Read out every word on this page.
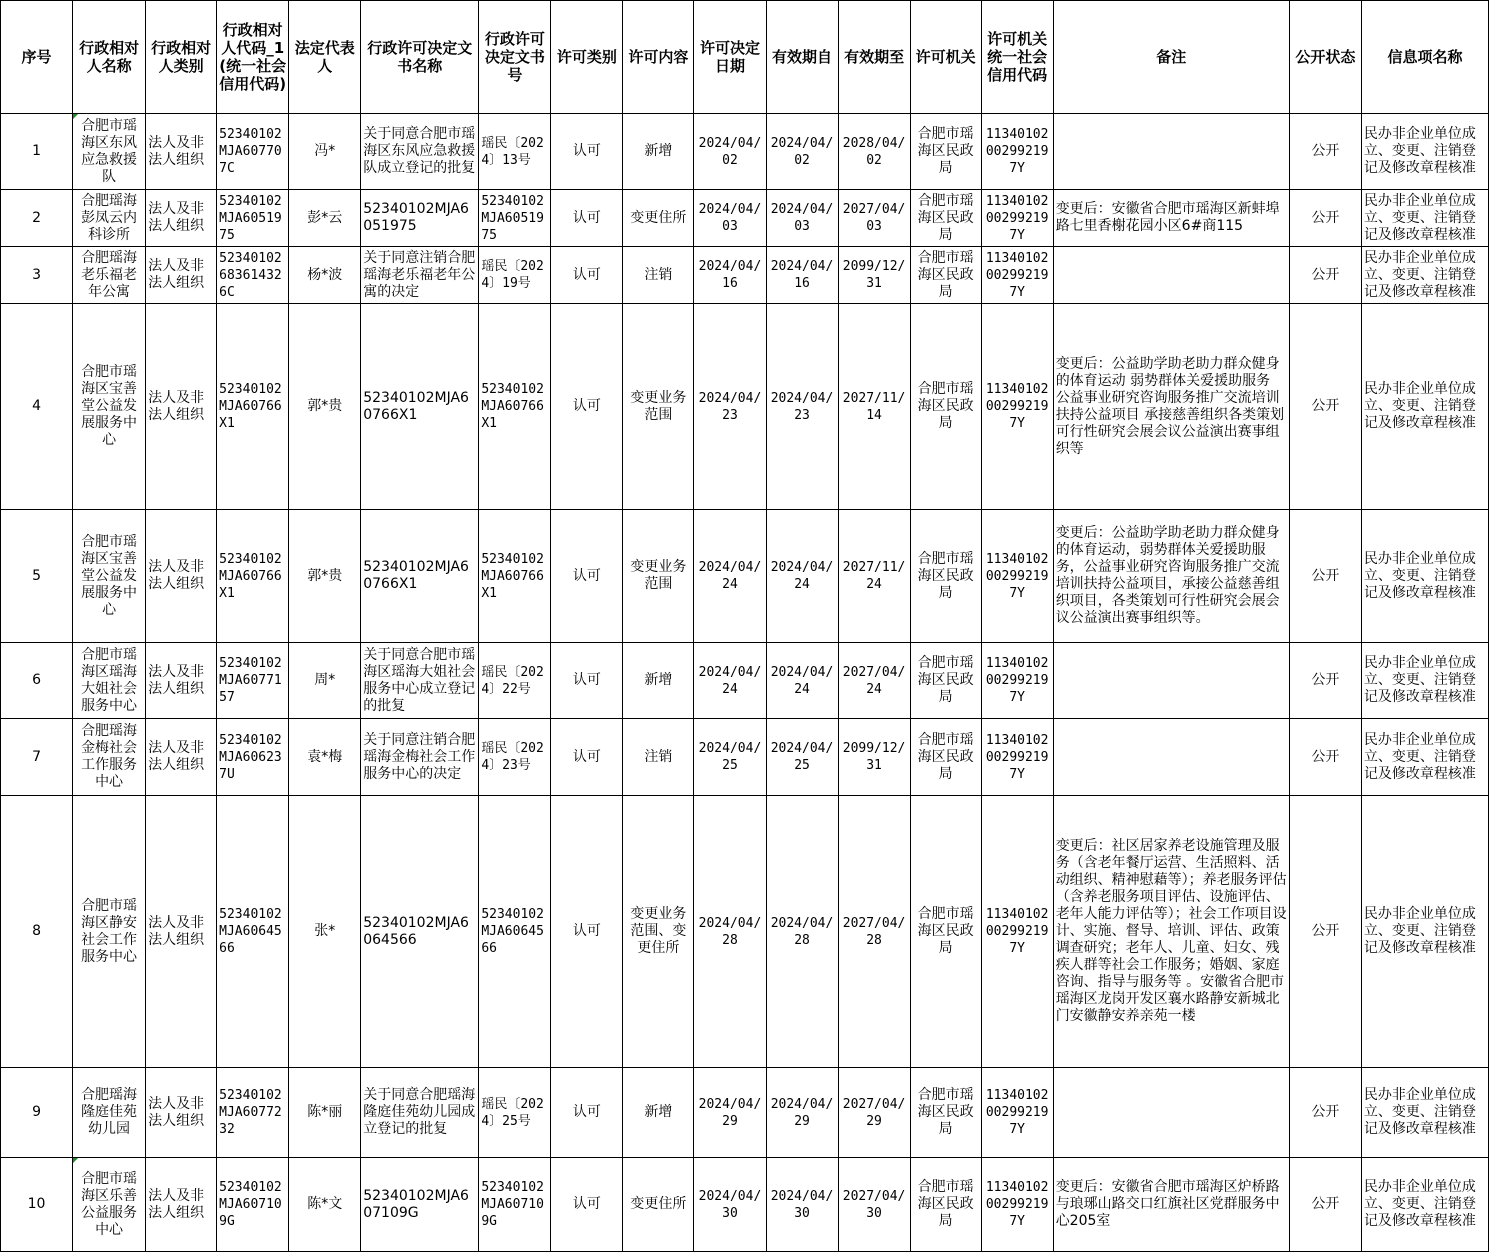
序号	行政相对人名称	行政相对人类别	行政相对人代码_1(统一社会信用代码)	法定代表人	行政许可决定文书名称	行政许可决定文书号	许可类别	许可内容	许可决定日期	有效期自	有效期至	许可机关	许可机关统一社会信用代码	备注	公开状态	信息项名称
1	合肥市瑶海区东风应急救援队	法人及非法人组织	52340102MJA607707C	冯*	关于同意合肥市瑶海区东风应急救援队成立登记的批复	瑶民〔2024〕13号	认可	新增	2024/04/02	2024/04/02	2028/04/02	合肥市瑶海区民政局	11340102002992197Y		公开	民办非企业单位成立、变更、注销登记及修改章程核准
2	合肥瑶海彭凤云内科诊所	法人及非法人组织	52340102MJA6051975	彭*云	52340102MJA6051975	52340102MJA6051975	认可	变更住所	2024/04/03	2024/04/03	2027/04/03	合肥市瑶海区民政局	11340102002992197Y	变更后：安徽省合肥市瑶海区新蚌埠路七里香榭花园小区6#商115	公开	民办非企业单位成立、变更、注销登记及修改章程核准
3	合肥瑶海老乐福老年公寓	法人及非法人组织	523401026836143​26C	杨*波	关于同意注销合肥瑶海老乐福老年公寓的决定	瑶民〔2024〕19号	认可	注销	2024/04/16	2024/04/16	2099/12/31	合肥市瑶海区民政局	11340102002992197Y		公开	民办非企业单位成立、变更、注销登记及修改章程核准
4	合肥市瑶海区宝善堂公益发展服务中心	法人及非法人组织	52340102MJA60766X1	郭*贵	52340102MJA60766X1	52340102MJA60766X1	认可	变更业务范围	2024/04/23	2024/04/23	2027/11/14	合肥市瑶海区民政局	11340102002992197Y	变更后：公益助学助老助力群众健身的体育运动 弱势群体关爱援助服务 公益事业研究咨询服务推广交流培训扶持公益项目 承接慈善组织各类策划可行性研究会展会议公益演出赛事组织等	公开	民办非企业单位成立、变更、注销登记及修改章程核准
5	合肥市瑶海区宝善堂公益发展服务中心	法人及非法人组织	52340102MJA60766X1	郭*贵	52340102MJA60766X1	52340102MJA60766X1	认可	变更业务范围	2024/04/24	2024/04/24	2027/11/24	合肥市瑶海区民政局	11340102002992197Y	变更后：公益助学助老助力群众健身的体育运动，弱势群体关爱援助服务，公益事业研究咨询服务推广交流培训扶持公益项目，承接公益慈善组织项目，各类策划可行性研究会展会议公益演出赛事组织等。	公开	民办非企业单位成立、变更、注销登记及修改章程核准
6	合肥市瑶海区瑶海大姐社会服务中心	法人及非法人组织	52340102MJA6077157	周*	关于同意合肥市瑶海区瑶海大姐社会服务中心成立登记的批复	瑶民〔2024〕22号	认可	新增	2024/04/24	2024/04/24	2027/04/24	合肥市瑶海区民政局	11340102002992197Y		公开	民办非企业单位成立、变更、注销登记及修改章程核准
7	合肥瑶海金梅社会工作服务中心	法人及非法人组织	52340102MJA606237U	袁*梅	关于同意注销合肥瑶海金梅社会工作服务中心的决定	瑶民〔2024〕23号	认可	注销	2024/04/25	2024/04/25	2099/12/31	合肥市瑶海区民政局	11340102002992197Y		公开	民办非企业单位成立、变更、注销登记及修改章程核准
8	合肥市瑶海区静安社会工作服务中心	法人及非法人组织	52340102MJA6064566	张*	52340102MJA6064566	52340102MJA6064566	认可	变更业务范围、变更住所	2024/04/28	2024/04/28	2027/04/28	合肥市瑶海区民政局	11340102002992197Y	变更后：社区居家养老设施管理及服务（含老年餐厅运营、生活照料、活动组织、精神慰藉等）；养老服务评估（含养老服务项目评估、设施评估、老年人能力评估等）；社会工作项目设计、实施、督导、培训、评估、政策调查研究；老年人、儿童、妇女、残疾人群等社会工作服务；婚姻、家庭咨询、指导与服务等 。安徽省合肥市瑶海区龙岗开发区襄水路静安新城北门安徽静安养亲苑一楼	公开	民办非企业单位成立、变更、注销登记及修改章程核准
9	合肥瑶海隆庭佳苑幼儿园	法人及非法人组织	52340102MJA6077232	陈*丽	关于同意合肥瑶海隆庭佳苑幼儿园成立登记的批复	瑶民〔2024〕25号	认可	新增	2024/04/29	2024/04/29	2027/04/29	合肥市瑶海区民政局	11340102002992197Y		公开	民办非企业单位成立、变更、注销登记及修改章程核准
10	合肥市瑶海区乐善公益服务中心	法人及非法人组织	52340102MJA607109G	陈*文	52340102MJA607109G	52340102MJA607109G	认可	变更住所	2024/04/30	2024/04/30	2027/04/30	合肥市瑶海区民政局	11340102002992197Y	变更后：安徽省合肥市瑶海区炉桥路与琅琊山路交口红旗社区党群服务中心205室	公开	民办非企业单位成立、变更、注销登记及修改章程核准
